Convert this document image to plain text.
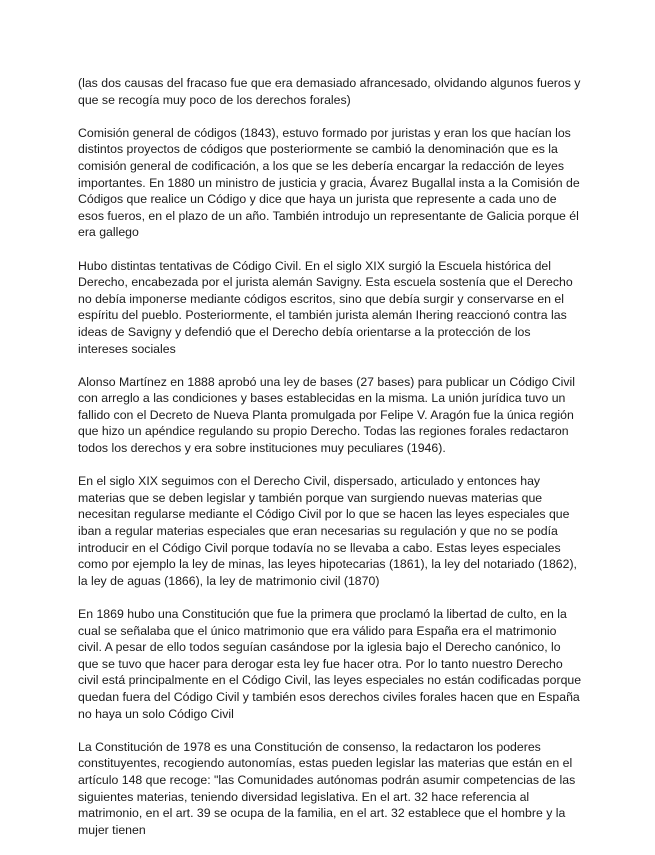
(las dos causas del fracaso fue que era demasiado afrancesado, olvidando algunos fueros y que se recogía muy poco de los derechos forales)

Comisión general de códigos (1843), estuvo formado por juristas y eran los que hacían los distintos proyectos de códigos que posteriormente se cambió la denominación que es la comisión general de codificación, a los que se les debería encargar la redacción de leyes importantes. En 1880 un ministro de justicia y gracia, Ávarez Bugallal insta a la Comisión de Códigos que realice un Código y dice que haya un jurista que represente a cada uno de esos fueros, en el plazo de un año. También introdujo un representante de Galicia porque él era gallego

Hubo distintas tentativas de Código Civil. En el siglo XIX surgió la Escuela histórica del Derecho, encabezada por el jurista alemán Savigny. Esta escuela sostenía que el Derecho no debía imponerse mediante códigos escritos, sino que debía surgir y conservarse en el espíritu del pueblo. Posteriormente, el también jurista alemán Ihering reaccionó contra las ideas de Savigny y defendió que el Derecho debía orientarse a la protección de los intereses sociales

Alonso Martínez en 1888 aprobó una ley de bases (27 bases) para publicar un Código Civil con arreglo a las condiciones y bases establecidas en la misma. La unión jurídica tuvo un fallido con el Decreto de Nueva Planta promulgada por Felipe V. Aragón fue la única región que hizo un apéndice regulando su propio Derecho. Todas las regiones forales redactaron todos los derechos y era sobre instituciones muy peculiares (1946).

En el siglo XIX seguimos con el Derecho Civil, dispersado, articulado y entonces hay materias que se deben legislar y también porque van surgiendo nuevas materias que necesitan regularse mediante el Código Civil por lo que se hacen las leyes especiales que iban a regular materias especiales que eran necesarias su regulación y que no se podía introducir en el Código Civil porque todavía no se llevaba a cabo. Estas leyes especiales como por ejemplo la ley de minas, las leyes hipotecarias (1861), la ley del notariado (1862), la ley de aguas (1866), la ley de matrimonio civil (1870)

En 1869 hubo una Constitución que fue la primera que proclamó la libertad de culto, en la cual se señalaba que el único matrimonio que era válido para España era el matrimonio civil. A pesar de ello todos seguían casándose por la iglesia bajo el Derecho canónico, lo que se tuvo que hacer para derogar esta ley fue hacer otra. Por lo tanto nuestro Derecho civil está principalmente en el Código Civil, las leyes especiales no están codificadas porque quedan fuera del Código Civil y también esos derechos civiles forales hacen que en España no haya un solo Código Civil

La Constitución de 1978 es una Constitución de consenso, la redactaron los poderes constituyentes, recogiendo autonomías, estas pueden legislar las materias que están en el artículo 148 que recoge: "las Comunidades autónomas podrán asumir competencias de las siguientes materias, teniendo diversidad legislativa. En el art. 32 hace referencia al matrimonio, en el art. 39 se ocupa de la familia, en el art. 32 establece que el hombre y la mujer tienen
